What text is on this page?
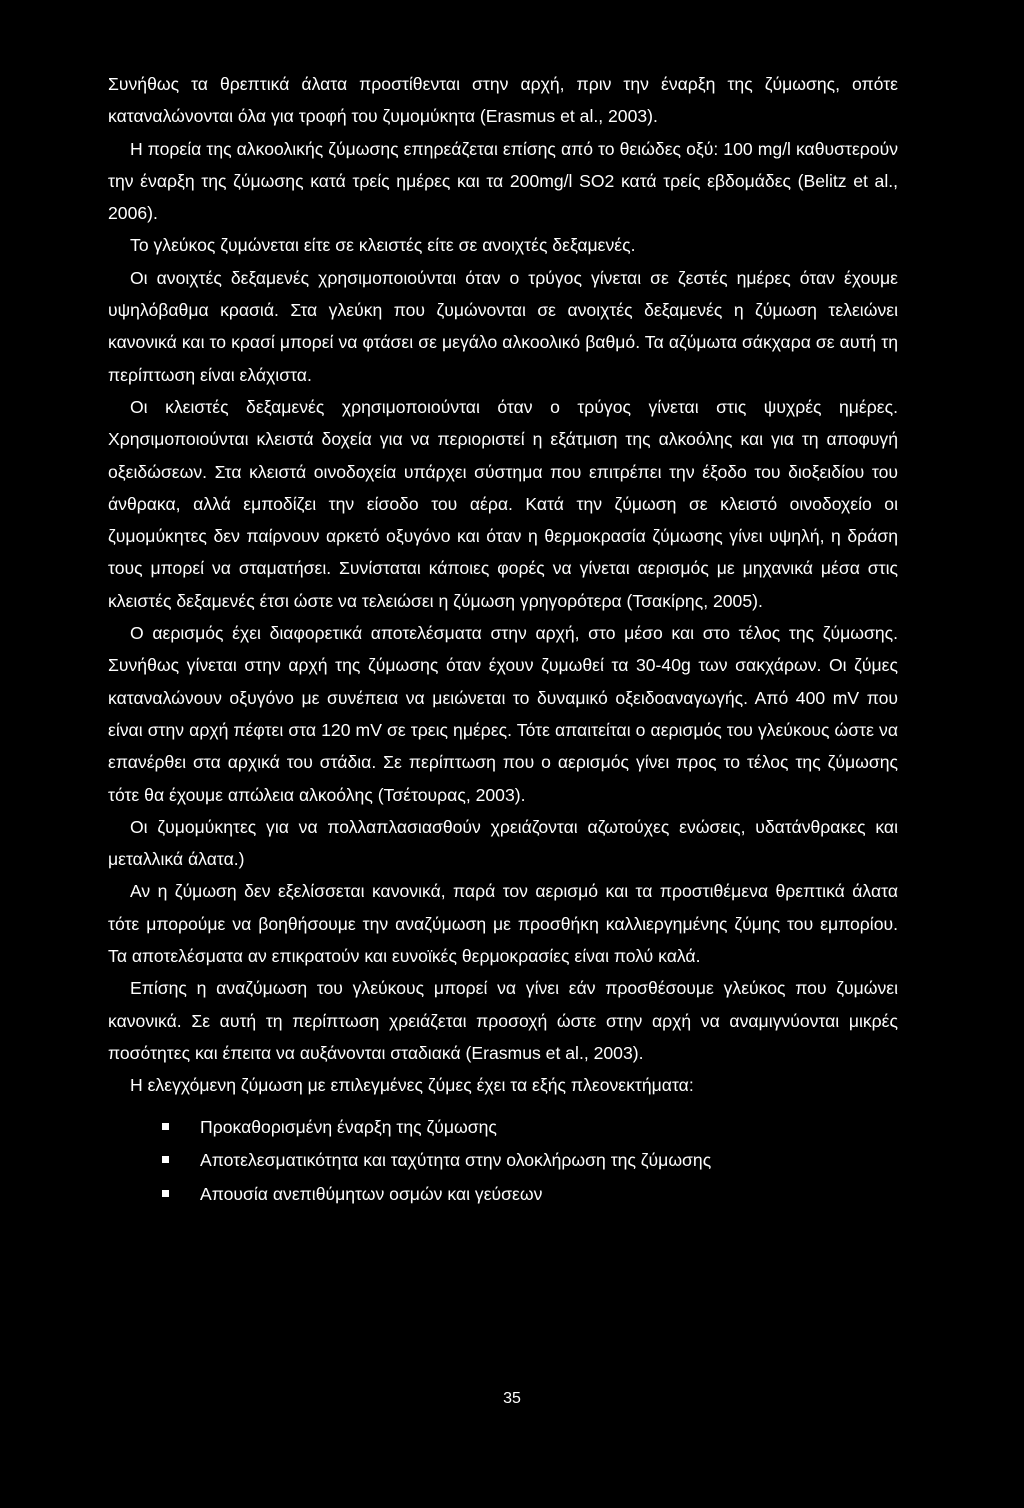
Συνήθως τα θρεπτικά άλατα προστίθενται στην αρχή, πριν την έναρξη της ζύμωσης, οπότε καταναλώνονται όλα για τροφή του ζυμομύκητα (Erasmus et al., 2003).

Η πορεία της αλκοολικής ζύμωσης επηρεάζεται επίσης από το θειώδες οξύ: 100 mg/l καθυστερούν την έναρξη της ζύμωσης κατά τρείς ημέρες και τα 200mg/l SO2 κατά τρείς εβδομάδες (Belitz et al., 2006).

Το γλεύκος ζυμώνεται είτε σε κλειστές είτε σε ανοιχτές δεξαμενές.

Οι ανοιχτές δεξαμενές χρησιμοποιούνται όταν ο τρύγος γίνεται σε ζεστές ημέρες όταν έχουμε υψηλόβαθμα κρασιά. Στα γλεύκη που ζυμώνονται σε ανοιχτές δεξαμενές η ζύμωση τελειώνει κανονικά και το κρασί μπορεί να φτάσει σε μεγάλο αλκοολικό βαθμό. Τα αζύμωτα σάκχαρα σε αυτή τη περίπτωση είναι ελάχιστα.

Οι κλειστές δεξαμενές χρησιμοποιούνται όταν ο τρύγος γίνεται στις ψυχρές ημέρες. Χρησιμοποιούνται κλειστά δοχεία για να περιοριστεί η εξάτμιση της αλκοόλης και για τη αποφυγή οξειδώσεων. Στα κλειστά οινοδοχεία υπάρχει σύστημα που επιτρέπει την έξοδο του διοξειδίου του άνθρακα, αλλά εμποδίζει την είσοδο του αέρα. Κατά την ζύμωση σε κλειστό οινοδοχείο οι ζυμομύκητες δεν παίρνουν αρκετό οξυγόνο και όταν η θερμοκρασία ζύμωσης γίνει υψηλή, η δράση τους μπορεί να σταματήσει. Συνίσταται κάποιες φορές να γίνεται αερισμός με μηχανικά μέσα στις κλειστές δεξαμενές έτσι ώστε να τελειώσει η ζύμωση γρηγορότερα (Τσακίρης, 2005).

Ο αερισμός έχει διαφορετικά αποτελέσματα στην αρχή, στο μέσο και στο τέλος της ζύμωσης. Συνήθως γίνεται στην αρχή της ζύμωσης όταν έχουν ζυμωθεί τα 30-40g των σακχάρων. Οι ζύμες καταναλώνουν οξυγόνο με συνέπεια να μειώνεται το δυναμικό οξειδοαναγωγής. Από 400 mV που είναι στην αρχή πέφτει στα 120 mV σε τρεις ημέρες. Τότε απαιτείται ο αερισμός του γλεύκους ώστε να επανέρθει στα αρχικά του στάδια. Σε περίπτωση που ο αερισμός γίνει προς το τέλος της ζύμωσης τότε θα έχουμε απώλεια αλκοόλης (Τσέτουρας, 2003).

Οι ζυμομύκητες για να πολλαπλασιασθούν χρειάζονται αζωτούχες ενώσεις, υδατάνθρακες και μεταλλικά άλατα.)

Αν η ζύμωση δεν εξελίσσεται κανονικά, παρά τον αερισμό και τα προστιθέμενα θρεπτικά άλατα τότε μπορούμε να βοηθήσουμε την αναζύμωση με προσθήκη καλλιεργημένης ζύμης του εμπορίου. Τα αποτελέσματα αν επικρατούν και ευνοϊκές θερμοκρασίες είναι πολύ καλά.

Επίσης η αναζύμωση του γλεύκους μπορεί να γίνει εάν προσθέσουμε γλεύκος που ζυμώνει κανονικά. Σε αυτή τη περίπτωση χρειάζεται προσοχή ώστε στην αρχή να αναμιγνύονται μικρές ποσότητες και έπειτα να αυξάνονται σταδιακά (Erasmus et al., 2003).

Η ελεγχόμενη ζύμωση με επιλεγμένες ζύμες έχει τα εξής πλεονεκτήματα:

Προκαθορισμένη έναρξη της ζύμωσης
Αποτελεσματικότητα και ταχύτητα στην ολοκλήρωση της ζύμωσης
Απουσία ανεπιθύμητων οσμών και γεύσεων
35
